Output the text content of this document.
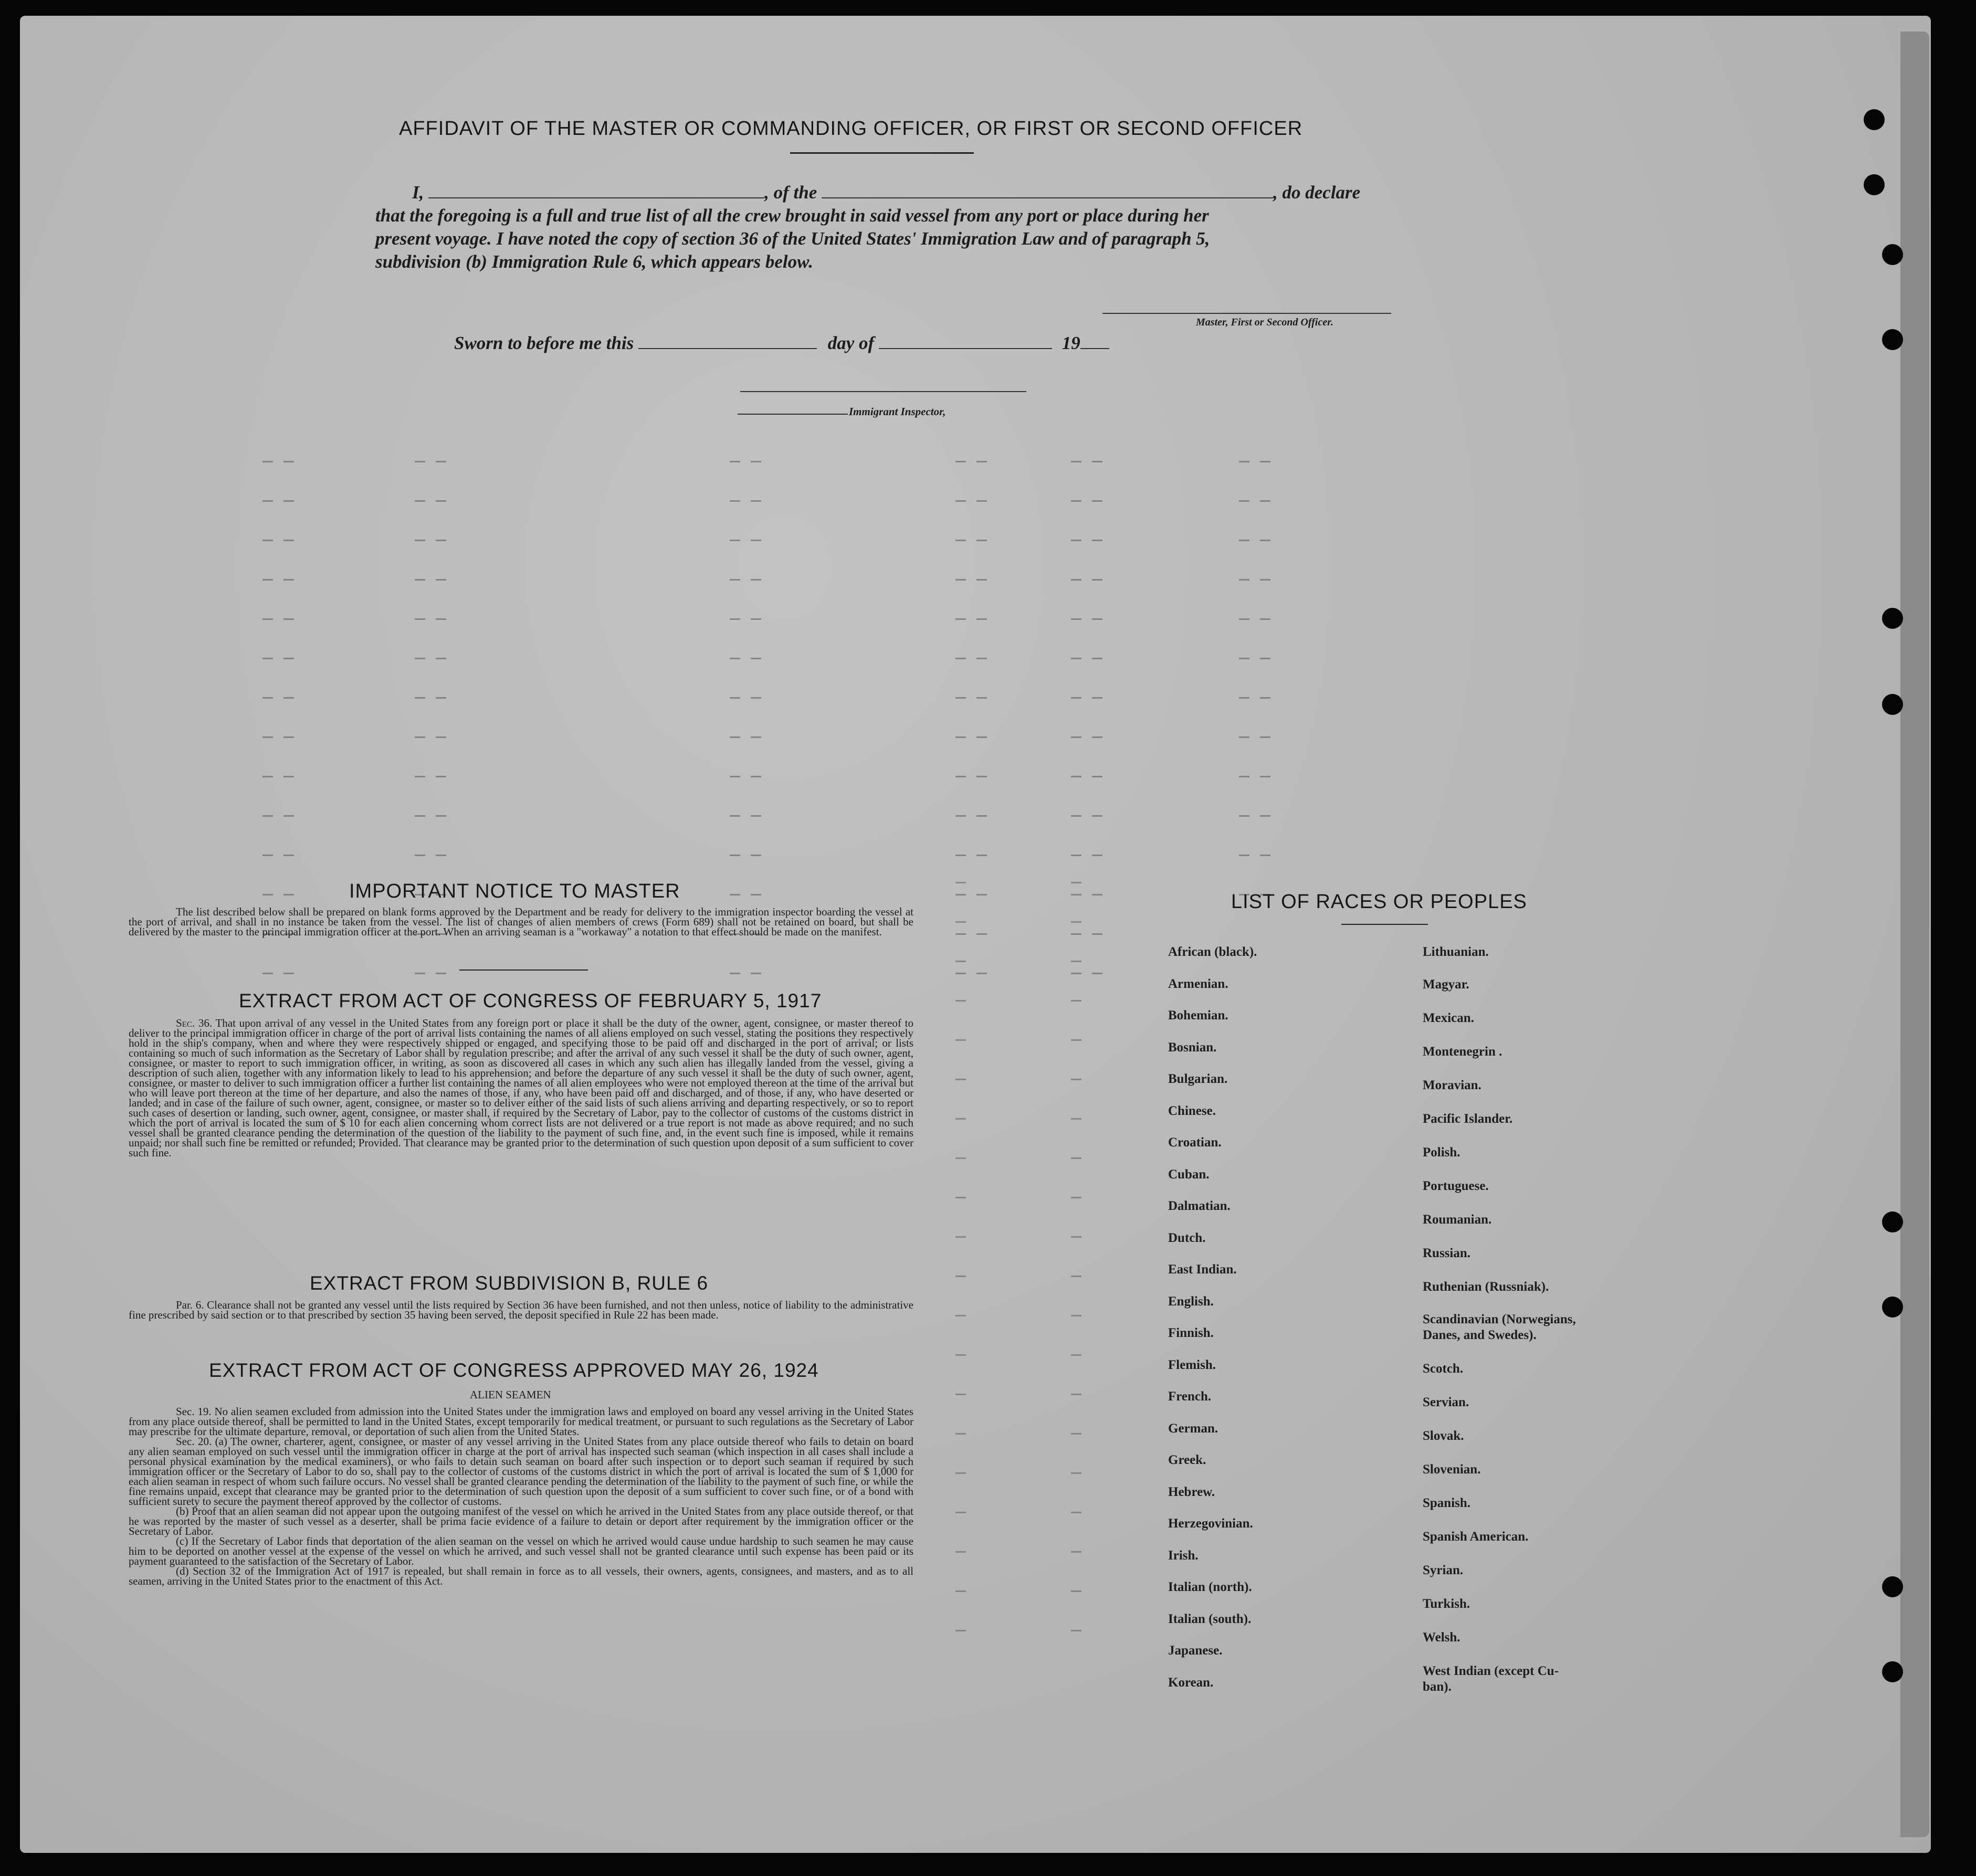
AFFIDAVIT OF THE MASTER OR COMMANDING OFFICER, OR FIRST OR SECOND OFFICER
I,	, of the	, do declare
that the foregoing is a full and true list of all the crew brought in said vessel from any port or place during her
present voyage. I have noted the copy of section 36 of the United States' Immigration Law and of paragraph 5,
subdivision (b) Immigration Rule 6, which appears below.
Master, First or Second Officer.
Sworn to before me this	day of	19
Immigrant Inspector,
IMPORTANT NOTICE TO MASTER
The list described below shall be prepared on blank forms approved by the Department and be ready for delivery to the immigration inspector boarding the vessel at the port of arrival, and shall in no instance be taken from the vessel. The list of changes of alien members of crews (Form 689) shall not be retained on board, but shall be delivered by the master to the principal immigration officer at the port. When an arriving seaman is a "workaway" a notation to that effect should be made on the manifest.
EXTRACT FROM ACT OF CONGRESS OF FEBRUARY 5, 1917
Sec. 36. That upon arrival of any vessel in the United States from any foreign port or place it shall be the duty of the owner, agent, consignee, or master thereof to deliver to the principal immigration officer in charge of the port of arrival lists containing the names of all aliens employed on such vessel, stating the positions they respectively hold in the ship's company, when and where they were respectively shipped or engaged, and specifying those to be paid off and discharged in the port of arrival; or lists containing so much of such information as the Secretary of Labor shall by regulation prescribe; and after the arrival of any such vessel it shall be the duty of such owner, agent, consignee, or master to report to such immigration officer, in writing, as soon as discovered all cases in which any such alien has illegally landed from the vessel, giving a description of such alien, together with any information likely to lead to his apprehension; and before the departure of any such vessel it shall be the duty of such owner, agent, consignee, or master to deliver to such immigration officer a further list containing the names of all alien employees who were not employed thereon at the time of the arrival but who will leave port thereon at the time of her departure, and also the names of those, if any, who have been paid off and discharged, and of those, if any, who have deserted or landed; and in case of the failure of such owner, agent, consignee, or master so to deliver either of the said lists of such aliens arriving and departing respectively, or so to report such cases of desertion or landing, such owner, agent, consignee, or master shall, if required by the Secretary of Labor, pay to the collector of customs of the customs district in which the port of arrival is located the sum of $ 10 for each alien concerning whom correct lists are not delivered or a true report is not made as above required; and no such vessel shall be granted clearance pending the determination of the question of the liability to the payment of such fine, and, in the event such fine is imposed, while it remains unpaid; nor shall such fine be remitted or refunded; Provided. That clearance may be granted prior to the determination of such question upon deposit of a sum sufficient to cover such fine.
EXTRACT FROM SUBDIVISION B, RULE 6
Par. 6. Clearance shall not be granted any vessel until the lists required by Section 36 have been furnished, and not then unless, notice of liability to the administrative fine prescribed by said section or to that prescribed by section 35 having been served, the deposit specified in Rule 22 has been made.
EXTRACT FROM ACT OF CONGRESS APPROVED MAY 26, 1924
ALIEN SEAMEN
Sec. 19. No alien seamen excluded from admission into the United States under the immigration laws and employed on board any vessel arriving in the United States from any place outside thereof, shall be permitted to land in the United States, except temporarily for medical treatment, or pursuant to such regulations as the Secretary of Labor may prescribe for the ultimate departure, removal, or deportation of such alien from the United States.
Sec. 20. (a) The owner, charterer, agent, consignee, or master of any vessel arriving in the United States from any place outside thereof who fails to detain on board any alien seaman employed on such vessel until the immigration officer in charge at the port of arrival has inspected such seaman (which inspection in all cases shall include a personal physical examination by the medical examiners), or who fails to detain such seaman on board after such inspection or to deport such seaman if required by such immigration officer or the Secretary of Labor to do so, shall pay to the collector of customs of the customs district in which the port of arrival is located the sum of $ 1,000 for each alien seaman in respect of whom such failure occurs. No vessel shall be granted clearance pending the determination of the liability to the payment of such fine, or while the fine remains unpaid, except that clearance may be granted prior to the determination of such question upon the deposit of a sum sufficient to cover such fine, or of a bond with sufficient surety to secure the payment thereof approved by the collector of customs.
(b) Proof that an alien seaman did not appear upon the outgoing manifest of the vessel on which he arrived in the United States from any place outside thereof, or that he was reported by the master of such vessel as a deserter, shall be prima facie evidence of a failure to detain or deport after requirement by the immigration officer or the Secretary of Labor.
(c) If the Secretary of Labor finds that deportation of the alien seaman on the vessel on which he arrived would cause undue hardship to such seamen he may cause him to be deported on another vessel at the expense of the vessel on which he arrived, and such vessel shall not be granted clearance until such expense has been paid or its payment guaranteed to the satisfaction of the Secretary of Labor.
(d) Section 32 of the Immigration Act of 1917 is repealed, but shall remain in force as to all vessels, their owners, agents, consignees, and masters, and as to all seamen, arriving in the United States prior to the enactment of this Act.
LIST OF RACES OR PEOPLES
African (black).
Armenian.
Bohemian.
Bosnian.
Bulgarian.
Chinese.
Croatian.
Cuban.
Dalmatian.
Dutch.
East Indian.
English.
Finnish.
Flemish.
French.
German.
Greek.
Hebrew.
Herzegovinian.
Irish.
Italian (north).
Italian (south).
Japanese.
Korean.
Lithuanian.
Magyar.
Mexican.
Montenegrin .
Moravian.
Pacific Islander.
Polish.
Portuguese.
Roumanian.
Russian.
Ruthenian (Russniak).
Scandinavian (Norwegians,
Danes, and Swedes).
Scotch.
Servian.
Slovak.
Slovenian.
Spanish.
Spanish American.
Syrian.
Turkish.
Welsh.
West Indian (except Cu-
ban).
